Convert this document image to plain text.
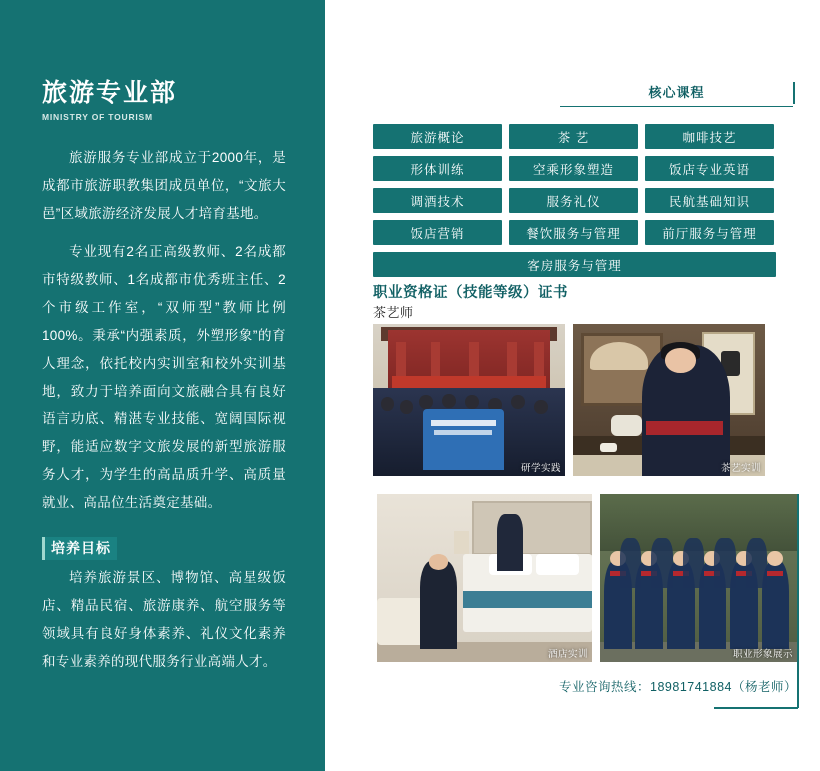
旅游专业部
MINISTRY OF TOURISM

旅游服务专业部成立于2000年，是成都市旅游职教集团成员单位，“文旅大邑”区域旅游经济发展人才培育基地。

专业现有2名正高级教师、2名成都市特级教师、1名成都市优秀班主任、2个市级工作室，“双师型”教师比例100%。秉承“内强素质，外塑形象”的育人理念，依托校内实训室和校外实训基地，致力于培养面向文旅融合具有良好语言功底、精湛专业技能、宽阔国际视野，能适应数字文旅发展的新型旅游服务人才，为学生的高品质升学、高质量就业、高品位生活奠定基础。

培养目标

培养旅游景区、博物馆、高星级饭店、精品民宿、旅游康养、航空服务等领域具有良好身体素养、礼仪文化素养和专业素养的现代服务行业高端人才。

核心课程
旅游概论	茶 艺	咖啡技艺
形体训练	空乘形象塑造	饭店专业英语
调酒技术	服务礼仪	民航基础知识
饭店营销	餐饮服务与管理	前厅服务与管理
客房服务与管理
职业资格证（技能等级）证书
茶艺师
研学实践	茶艺实训
酒店实训	职业形象展示
专业咨询热线：18981741884（杨老师）
